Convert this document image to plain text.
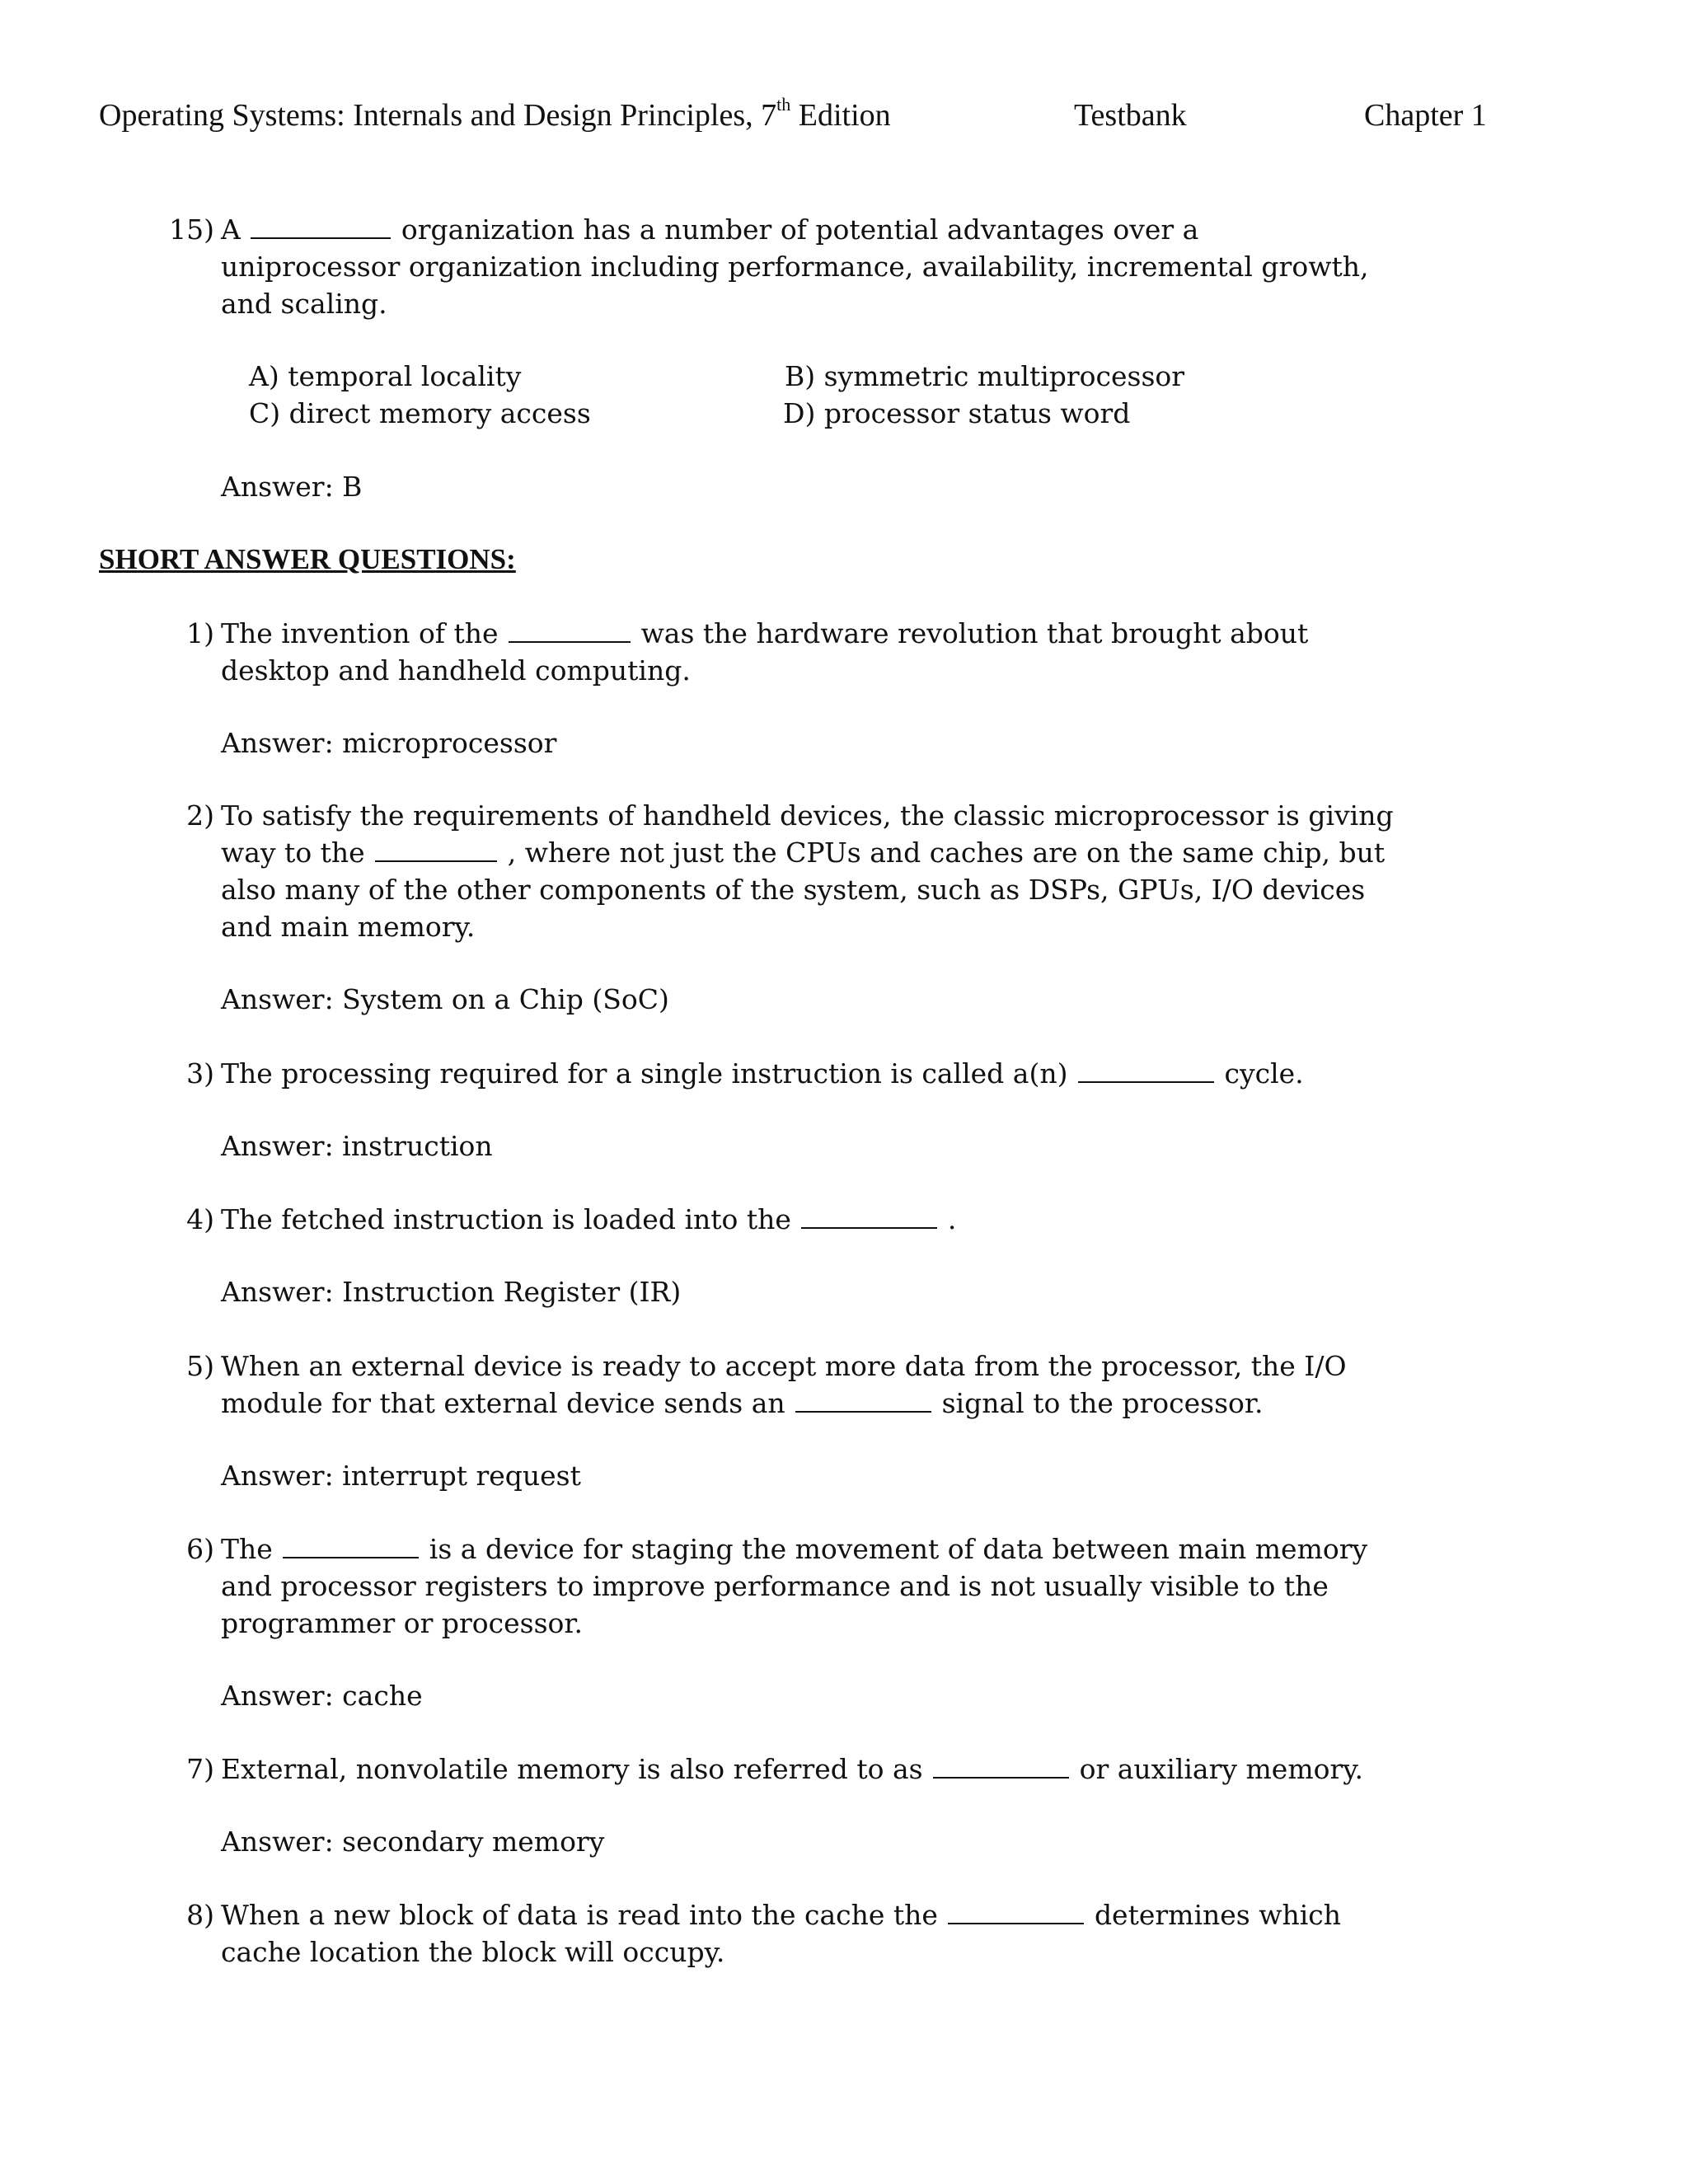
Operating Systems: Internals and Design Principles, 7th Edition	Testbank	Chapter 1
15) A	organization has a number of potential advantages over a
uniprocessor organization including performance, availability, incremental growth,
and scaling.
A) temporal locality	B) symmetric multiprocessor
C) direct memory access	D) processor status word
Answer: B
SHORT ANSWER QUESTIONS:
1) The invention of the	was the hardware revolution that brought about
desktop and handheld computing.
Answer: microprocessor
2) To satisfy the requirements of handheld devices, the classic microprocessor is giving
way to the	, where not just the CPUs and caches are on the same chip, but
also many of the other components of the system, such as DSPs, GPUs, I/O devices
and main memory.
Answer: System on a Chip (SoC)
3) The processing required for a single instruction is called a(n)	cycle.
Answer: instruction
4) The fetched instruction is loaded into the	.
Answer: Instruction Register (IR)
5) When an external device is ready to accept more data from the processor, the I/O
module for that external device sends an	signal to the processor.
Answer: interrupt request
6) The	is a device for staging the movement of data between main memory
and processor registers to improve performance and is not usually visible to the
programmer or processor.
Answer: cache
7) External, nonvolatile memory is also referred to as	or auxiliary memory.
Answer: secondary memory
8) When a new block of data is read into the cache the	determines which
cache location the block will occupy.
